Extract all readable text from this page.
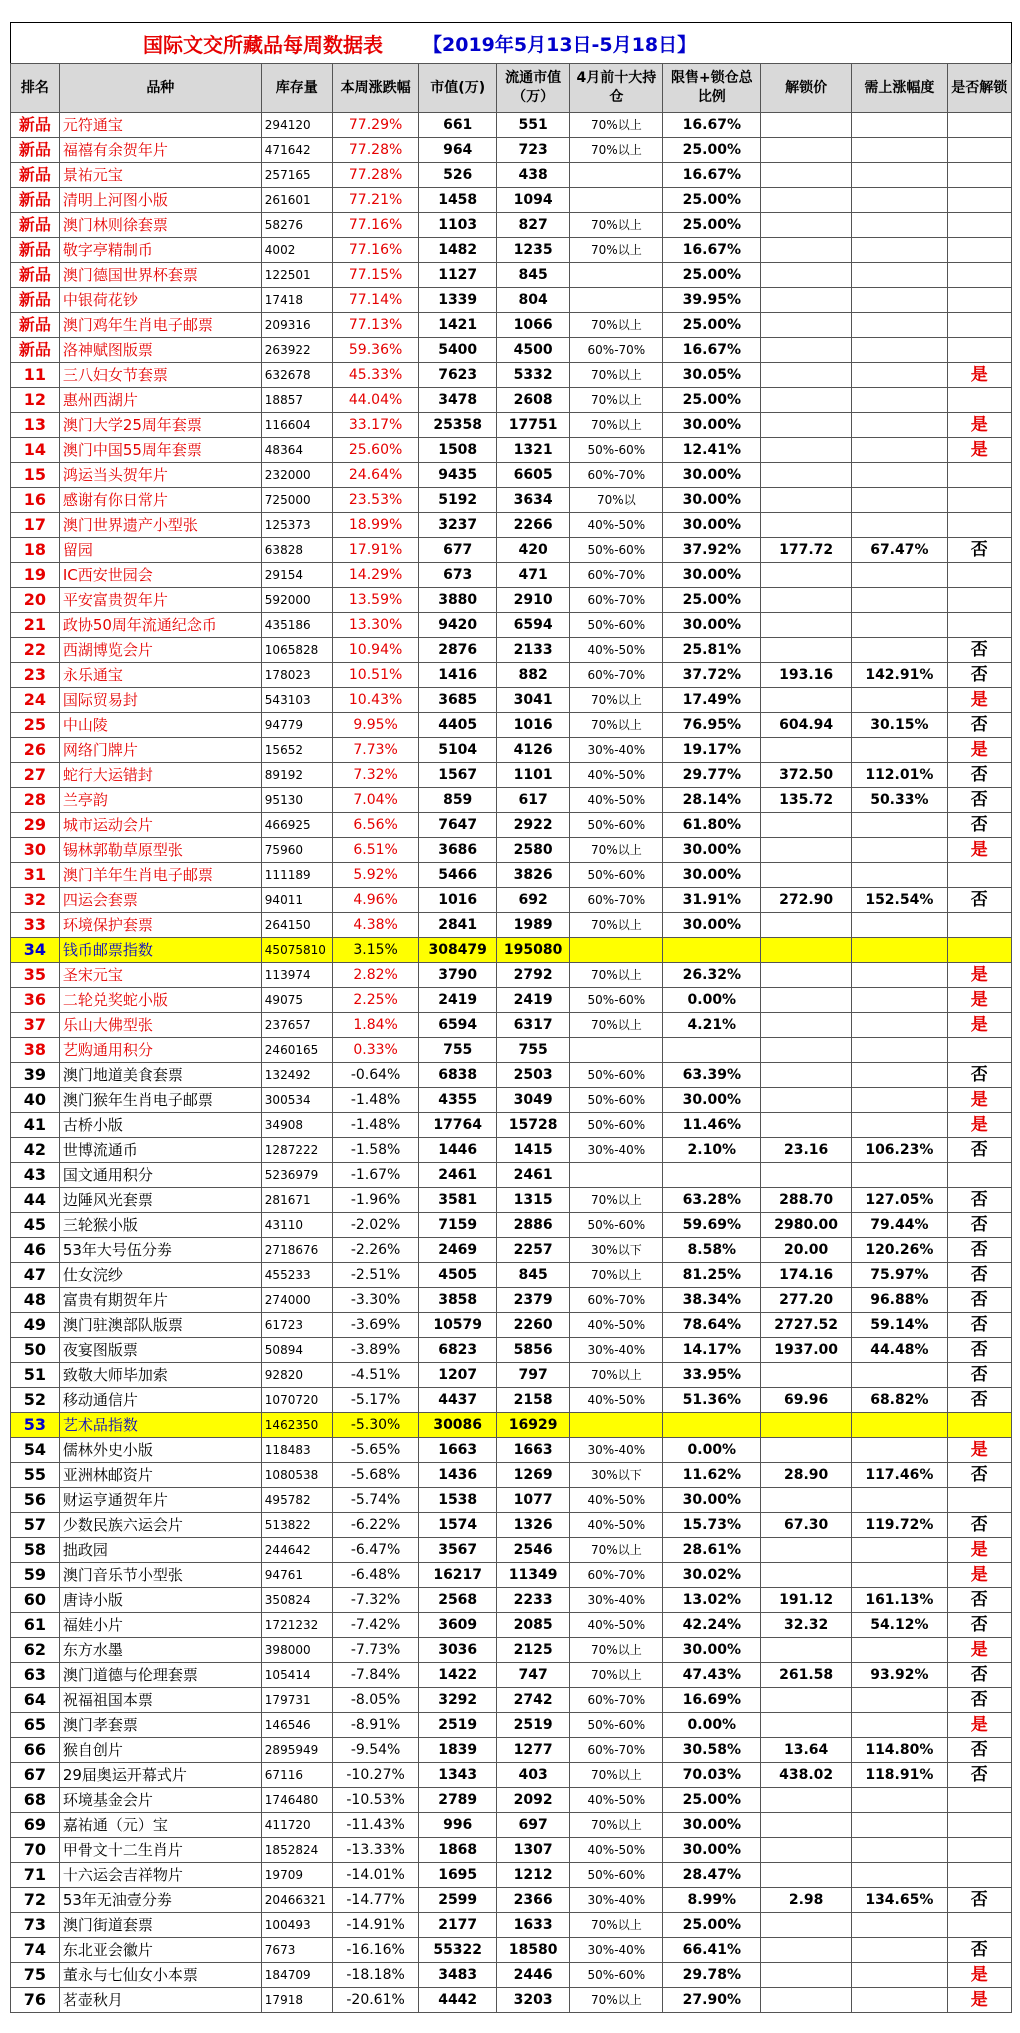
国际文交所藏品每周数据表 【2019年5月13日-5月18日】
排名	品种	库存量	本周涨跌幅	市值(万)	流通市值（万）	4月前十大持仓	限售+锁仓总比例	解锁价	需上涨幅度	是否解锁
新品	元符通宝	294120	77.29%	661	551	70%以上	16.67%			
新品	福禧有余贺年片	471642	77.28%	964	723	70%以上	25.00%			
新品	景祐元宝	257165	77.28%	526	438		16.67%			
新品	清明上河图小版	261601	77.21%	1458	1094		25.00%			
新品	澳门林则徐套票	58276	77.16%	1103	827	70%以上	25.00%			
新品	敬字亭精制币	4002	77.16%	1482	1235	70%以上	16.67%			
新品	澳门德国世界杯套票	122501	77.15%	1127	845		25.00%			
新品	中银荷花钞	17418	77.14%	1339	804		39.95%			
新品	澳门鸡年生肖电子邮票	209316	77.13%	1421	1066	70%以上	25.00%			
新品	洛神赋图版票	263922	59.36%	5400	4500	60%-70%	16.67%			
11	三八妇女节套票	632678	45.33%	7623	5332	70%以上	30.05%			是
12	惠州西湖片	18857	44.04%	3478	2608	70%以上	25.00%			
13	澳门大学25周年套票	116604	33.17%	25358	17751	70%以上	30.00%			是
14	澳门中国55周年套票	48364	25.60%	1508	1321	50%-60%	12.41%			是
15	鸿运当头贺年片	232000	24.64%	9435	6605	60%-70%	30.00%			
16	感谢有你日常片	725000	23.53%	5192	3634	70%以	30.00%			
17	澳门世界遗产小型张	125373	18.99%	3237	2266	40%-50%	30.00%			
18	留园	63828	17.91%	677	420	50%-60%	37.92%	177.72	67.47%	否
19	IC西安世园会	29154	14.29%	673	471	60%-70%	30.00%			
20	平安富贵贺年片	592000	13.59%	3880	2910	60%-70%	25.00%			
21	政协50周年流通纪念币	435186	13.30%	9420	6594	50%-60%	30.00%			
22	西湖博览会片	1065828	10.94%	2876	2133	40%-50%	25.81%			否
23	永乐通宝	178023	10.51%	1416	882	60%-70%	37.72%	193.16	142.91%	否
24	国际贸易封	543103	10.43%	3685	3041	70%以上	17.49%			是
25	中山陵	94779	9.95%	4405	1016	70%以上	76.95%	604.94	30.15%	否
26	网络门牌片	15652	7.73%	5104	4126	30%-40%	19.17%			是
27	蛇行大运错封	89192	7.32%	1567	1101	40%-50%	29.77%	372.50	112.01%	否
28	兰亭韵	95130	7.04%	859	617	40%-50%	28.14%	135.72	50.33%	否
29	城市运动会片	466925	6.56%	7647	2922	50%-60%	61.80%			否
30	锡林郭勒草原型张	75960	6.51%	3686	2580	70%以上	30.00%			是
31	澳门羊年生肖电子邮票	111189	5.92%	5466	3826	50%-60%	30.00%			
32	四运会套票	94011	4.96%	1016	692	60%-70%	31.91%	272.90	152.54%	否
33	环境保护套票	264150	4.38%	2841	1989	70%以上	30.00%			
34	钱币邮票指数	45075810	3.15%	308479	195080					
35	圣宋元宝	113974	2.82%	3790	2792	70%以上	26.32%			是
36	二轮兑奖蛇小版	49075	2.25%	2419	2419	50%-60%	0.00%			是
37	乐山大佛型张	237657	1.84%	6594	6317	70%以上	4.21%			是
38	艺购通用积分	2460165	0.33%	755	755					
39	澳门地道美食套票	132492	-0.64%	6838	2503	50%-60%	63.39%			否
40	澳门猴年生肖电子邮票	300534	-1.48%	4355	3049	50%-60%	30.00%			是
41	古桥小版	34908	-1.48%	17764	15728	50%-60%	11.46%			是
42	世博流通币	1287222	-1.58%	1446	1415	30%-40%	2.10%	23.16	106.23%	否
43	国文通用积分	5236979	-1.67%	2461	2461					
44	边陲风光套票	281671	-1.96%	3581	1315	70%以上	63.28%	288.70	127.05%	否
45	三轮猴小版	43110	-2.02%	7159	2886	50%-60%	59.69%	2980.00	79.44%	否
46	53年大号伍分劵	2718676	-2.26%	2469	2257	30%以下	8.58%	20.00	120.26%	否
47	仕女浣纱	455233	-2.51%	4505	845	70%以上	81.25%	174.16	75.97%	否
48	富贵有期贺年片	274000	-3.30%	3858	2379	60%-70%	38.34%	277.20	96.88%	否
49	澳门驻澳部队版票	61723	-3.69%	10579	2260	40%-50%	78.64%	2727.52	59.14%	否
50	夜宴图版票	50894	-3.89%	6823	5856	30%-40%	14.17%	1937.00	44.48%	否
51	致敬大师毕加索	92820	-4.51%	1207	797	70%以上	33.95%			否
52	移动通信片	1070720	-5.17%	4437	2158	40%-50%	51.36%	69.96	68.82%	否
53	艺术品指数	1462350	-5.30%	30086	16929					
54	儒林外史小版	118483	-5.65%	1663	1663	30%-40%	0.00%			是
55	亚洲林邮资片	1080538	-5.68%	1436	1269	30%以下	11.62%	28.90	117.46%	否
56	财运亨通贺年片	495782	-5.74%	1538	1077	40%-50%	30.00%			
57	少数民族六运会片	513822	-6.22%	1574	1326	40%-50%	15.73%	67.30	119.72%	否
58	拙政园	244642	-6.47%	3567	2546	70%以上	28.61%			是
59	澳门音乐节小型张	94761	-6.48%	16217	11349	60%-70%	30.02%			是
60	唐诗小版	350824	-7.32%	2568	2233	30%-40%	13.02%	191.12	161.13%	否
61	福娃小片	1721232	-7.42%	3609	2085	40%-50%	42.24%	32.32	54.12%	否
62	东方水墨	398000	-7.73%	3036	2125	70%以上	30.00%			是
63	澳门道德与伦理套票	105414	-7.84%	1422	747	70%以上	47.43%	261.58	93.92%	否
64	祝福祖国本票	179731	-8.05%	3292	2742	60%-70%	16.69%			否
65	澳门孝套票	146546	-8.91%	2519	2519	50%-60%	0.00%			是
66	猴自创片	2895949	-9.54%	1839	1277	60%-70%	30.58%	13.64	114.80%	否
67	29届奥运开幕式片	67116	-10.27%	1343	403	70%以上	70.03%	438.02	118.91%	否
68	环境基金会片	1746480	-10.53%	2789	2092	40%-50%	25.00%			
69	嘉祐通（元）宝	411720	-11.43%	996	697	70%以上	30.00%			
70	甲骨文十二生肖片	1852824	-13.33%	1868	1307	40%-50%	30.00%			
71	十六运会吉祥物片	19709	-14.01%	1695	1212	50%-60%	28.47%			
72	53年无油壹分劵	20466321	-14.77%	2599	2366	30%-40%	8.99%	2.98	134.65%	否
73	澳门街道套票	100493	-14.91%	2177	1633	70%以上	25.00%			
74	东北亚会徽片	7673	-16.16%	55322	18580	30%-40%	66.41%			否
75	董永与七仙女小本票	184709	-18.18%	3483	2446	50%-60%	29.78%			是
76	茗壶秋月	17918	-20.61%	4442	3203	70%以上	27.90%			是
